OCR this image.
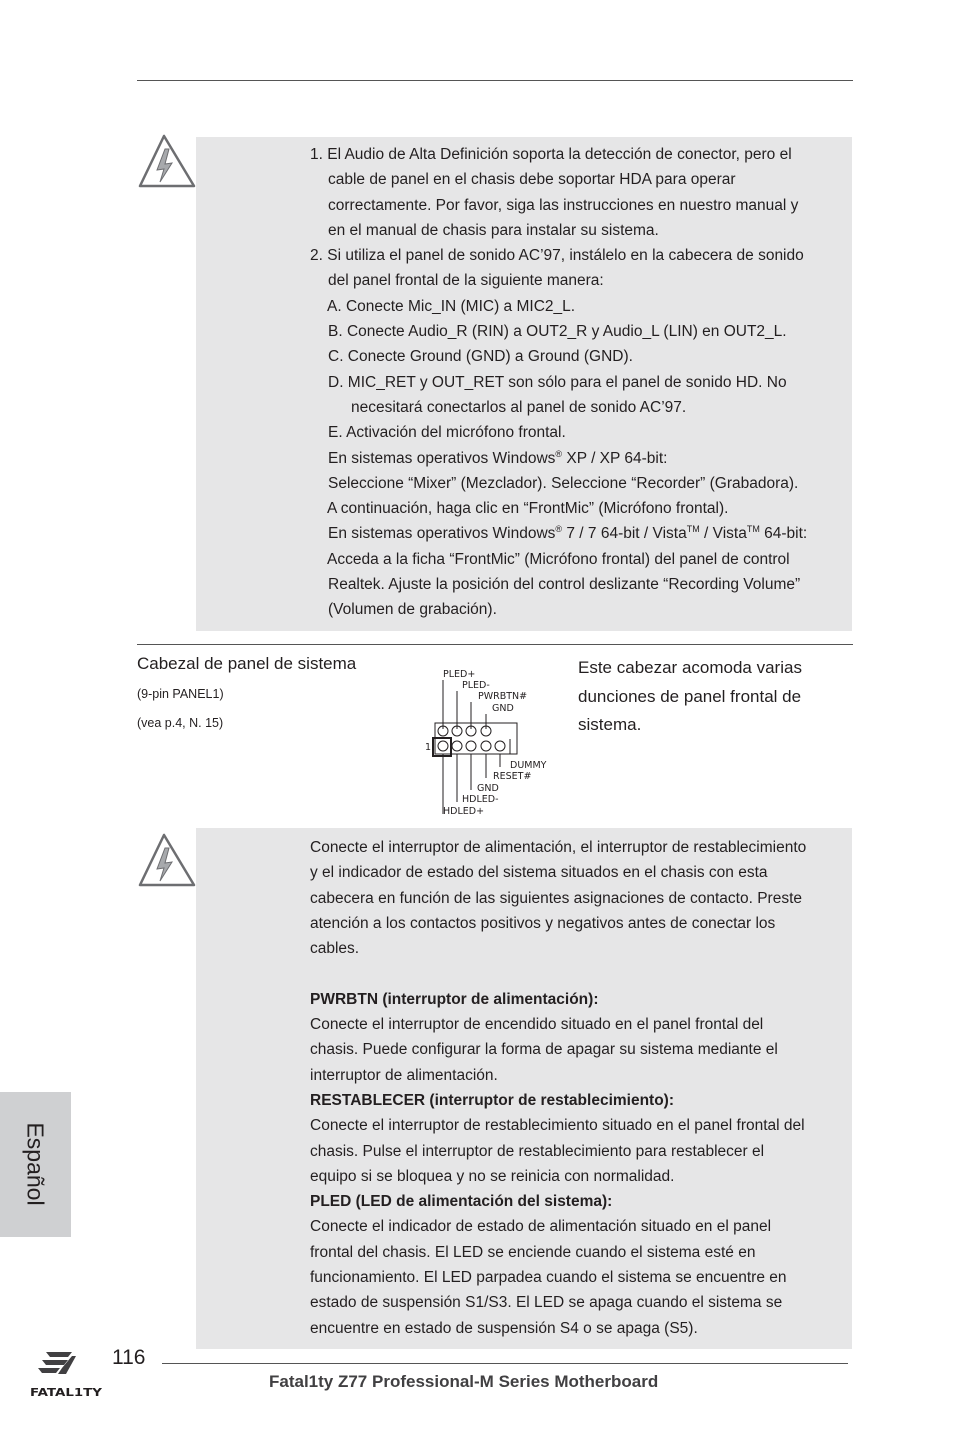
1. El Audio de Alta Definición soporta la detección de conector, pero el

cable de panel en el chasis debe soportar HDA para operar

correctamente. Por favor, siga las instrucciones en nuestro manual y

en el manual de chasis para instalar su sistema.

2. Si utiliza el panel de sonido AC’97, instálelo en la cabecera de sonido

del panel frontal de la siguiente manera:

A. Conecte Mic_IN (MIC) a MIC2_L.

B. Conecte Audio_R (RIN) a OUT2_R y Audio_L (LIN) en OUT2_L.

C. Conecte Ground (GND) a Ground (GND).

D. MIC_RET y OUT_RET son sólo para el panel de sonido HD. No

necesitará conectarlos al panel de sonido AC’97.

E. Activación del micrófono frontal.

En sistemas operativos Windows® XP / XP 64-bit:

Seleccione “Mixer” (Mezclador). Seleccione “Recorder” (Grabadora).

A continuación, haga clic en “FrontMic” (Micrófono frontal).

En sistemas operativos Windows® 7 / 7 64-bit / Vista™ / Vista™ 64-bit:

Acceda a la ficha “FrontMic” (Micrófono frontal) del panel de control

Realtek. Ajuste la posición del control deslizante “Recording Volume”

(Volumen de grabación).

Cabezal de panel de sistema
(9-pin PANEL1)
(vea p.4, N. 15)
Este cabezar acomoda varias
dunciones de panel frontal de
sistema.
PLED+
PLED-
PWRBTN#
GND
1
DUMMY
RESET#
GND
HDLED-
HDLED+

Conecte el interruptor de alimentación, el interruptor de restablecimiento

y el indicador de estado del sistema situados en el chasis con esta

cabecera en función de las siguientes asignaciones de contacto. Preste

atención a los contactos positivos y negativos antes de conectar los

cables.

PWRBTN (interruptor de alimentación):

Conecte el interruptor de encendido situado en el panel frontal del

chasis. Puede configurar la forma de apagar su sistema mediante el

interruptor de alimentación.

RESTABLECER (interruptor de restablecimiento):

Conecte el interruptor de restablecimiento situado en el panel frontal del

chasis. Pulse el interruptor de restablecimiento para restablecer el

equipo si se bloquea y no se reinicia con normalidad.

PLED (LED de alimentación del sistema):

Conecte el indicador de estado de alimentación situado en el panel

frontal del chasis. El LED se enciende cuando el sistema esté en

funcionamiento. El LED parpadea cuando el sistema se encuentre en

estado de suspensión S1/S3. El LED se apaga cuando el sistema se

encuentre en estado de suspensión S4 o se apaga (S5).

Español
FATAL1TY
116
Fatal1ty Z77 Professional-M Series Motherboard
